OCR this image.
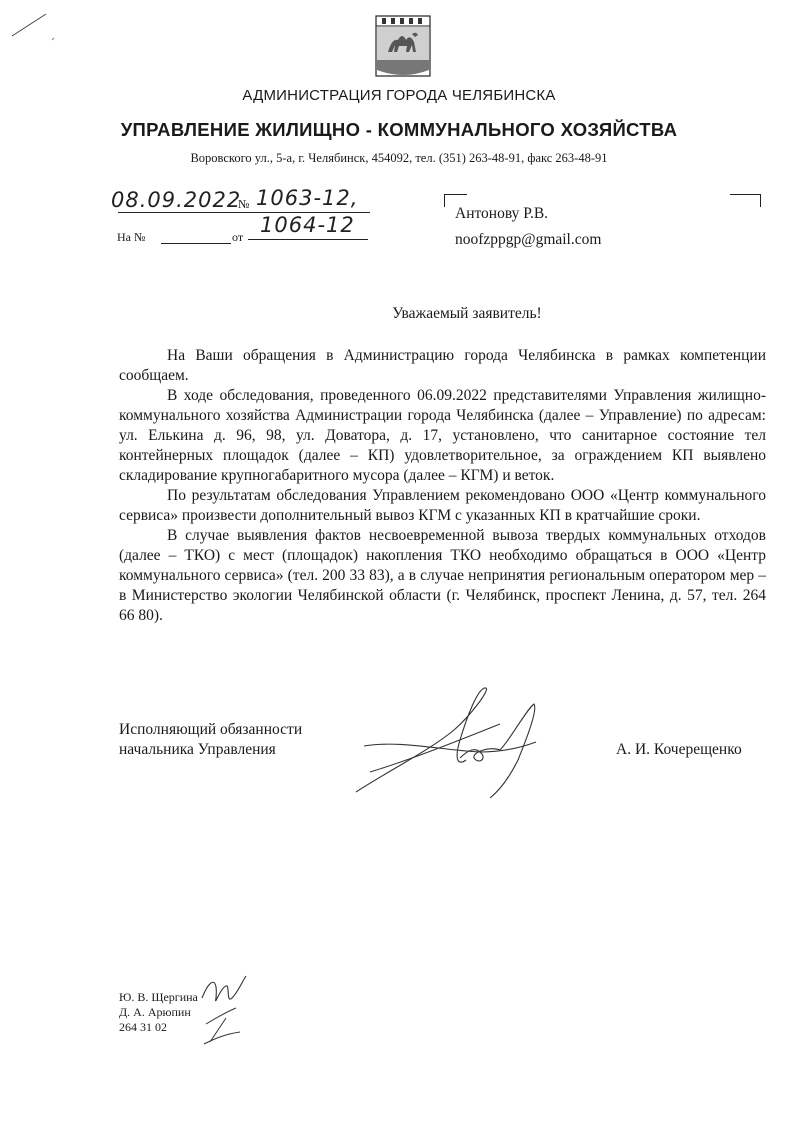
АДМИНИСТРАЦИЯ ГОРОДА ЧЕЛЯБИНСКА
УПРАВЛЕНИЕ ЖИЛИЩНО - КОММУНАЛЬНОГО ХОЗЯЙСТВА
Воровского ул., 5-а, г. Челябинск, 454092, тел. (351) 263-48-91, факс 263-48-91
08.09.2022
№ 1063-12,
1064-12
На №	от
Антонову Р.В.
noofzppgp@gmail.com
Уважаемый заявитель!

На Ваши обращения в Администрацию города Челябинска в рамках компетенции сообщаем.

В ходе обследования, проведенного 06.09.2022 представителями Управления жилищно-коммунального хозяйства Администрации города Челябинска (далее – Управление) по адресам: ул. Елькина д. 96, 98, ул. Доватора, д. 17, установлено, что санитарное состояние тел контейнерных площадок (далее – КП) удовлетворительное, за ограждением КП выявлено складирование крупногабаритного мусора (далее – КГМ) и веток.

По результатам обследования Управлением рекомендовано ООО «Центр коммунального сервиса» произвести дополнительный вывоз КГМ с указанных КП в кратчайшие сроки.

В случае выявления фактов несвоевременной вывоза твердых коммунальных отходов (далее – ТКО) с мест (площадок) накопления ТКО необходимо обращаться в ООО «Центр коммунального сервиса» (тел. 200 33 83), а в случае непринятия региональным оператором мер – в Министерство экологии Челябинской области (г. Челябинск, проспект Ленина, д. 57, тел. 264 66 80).

Исполняющий обязанности
начальника Управления	А. И. Кочерещенко
Ю. В. Щергина
Д. А. Арюпин
264 31 02
